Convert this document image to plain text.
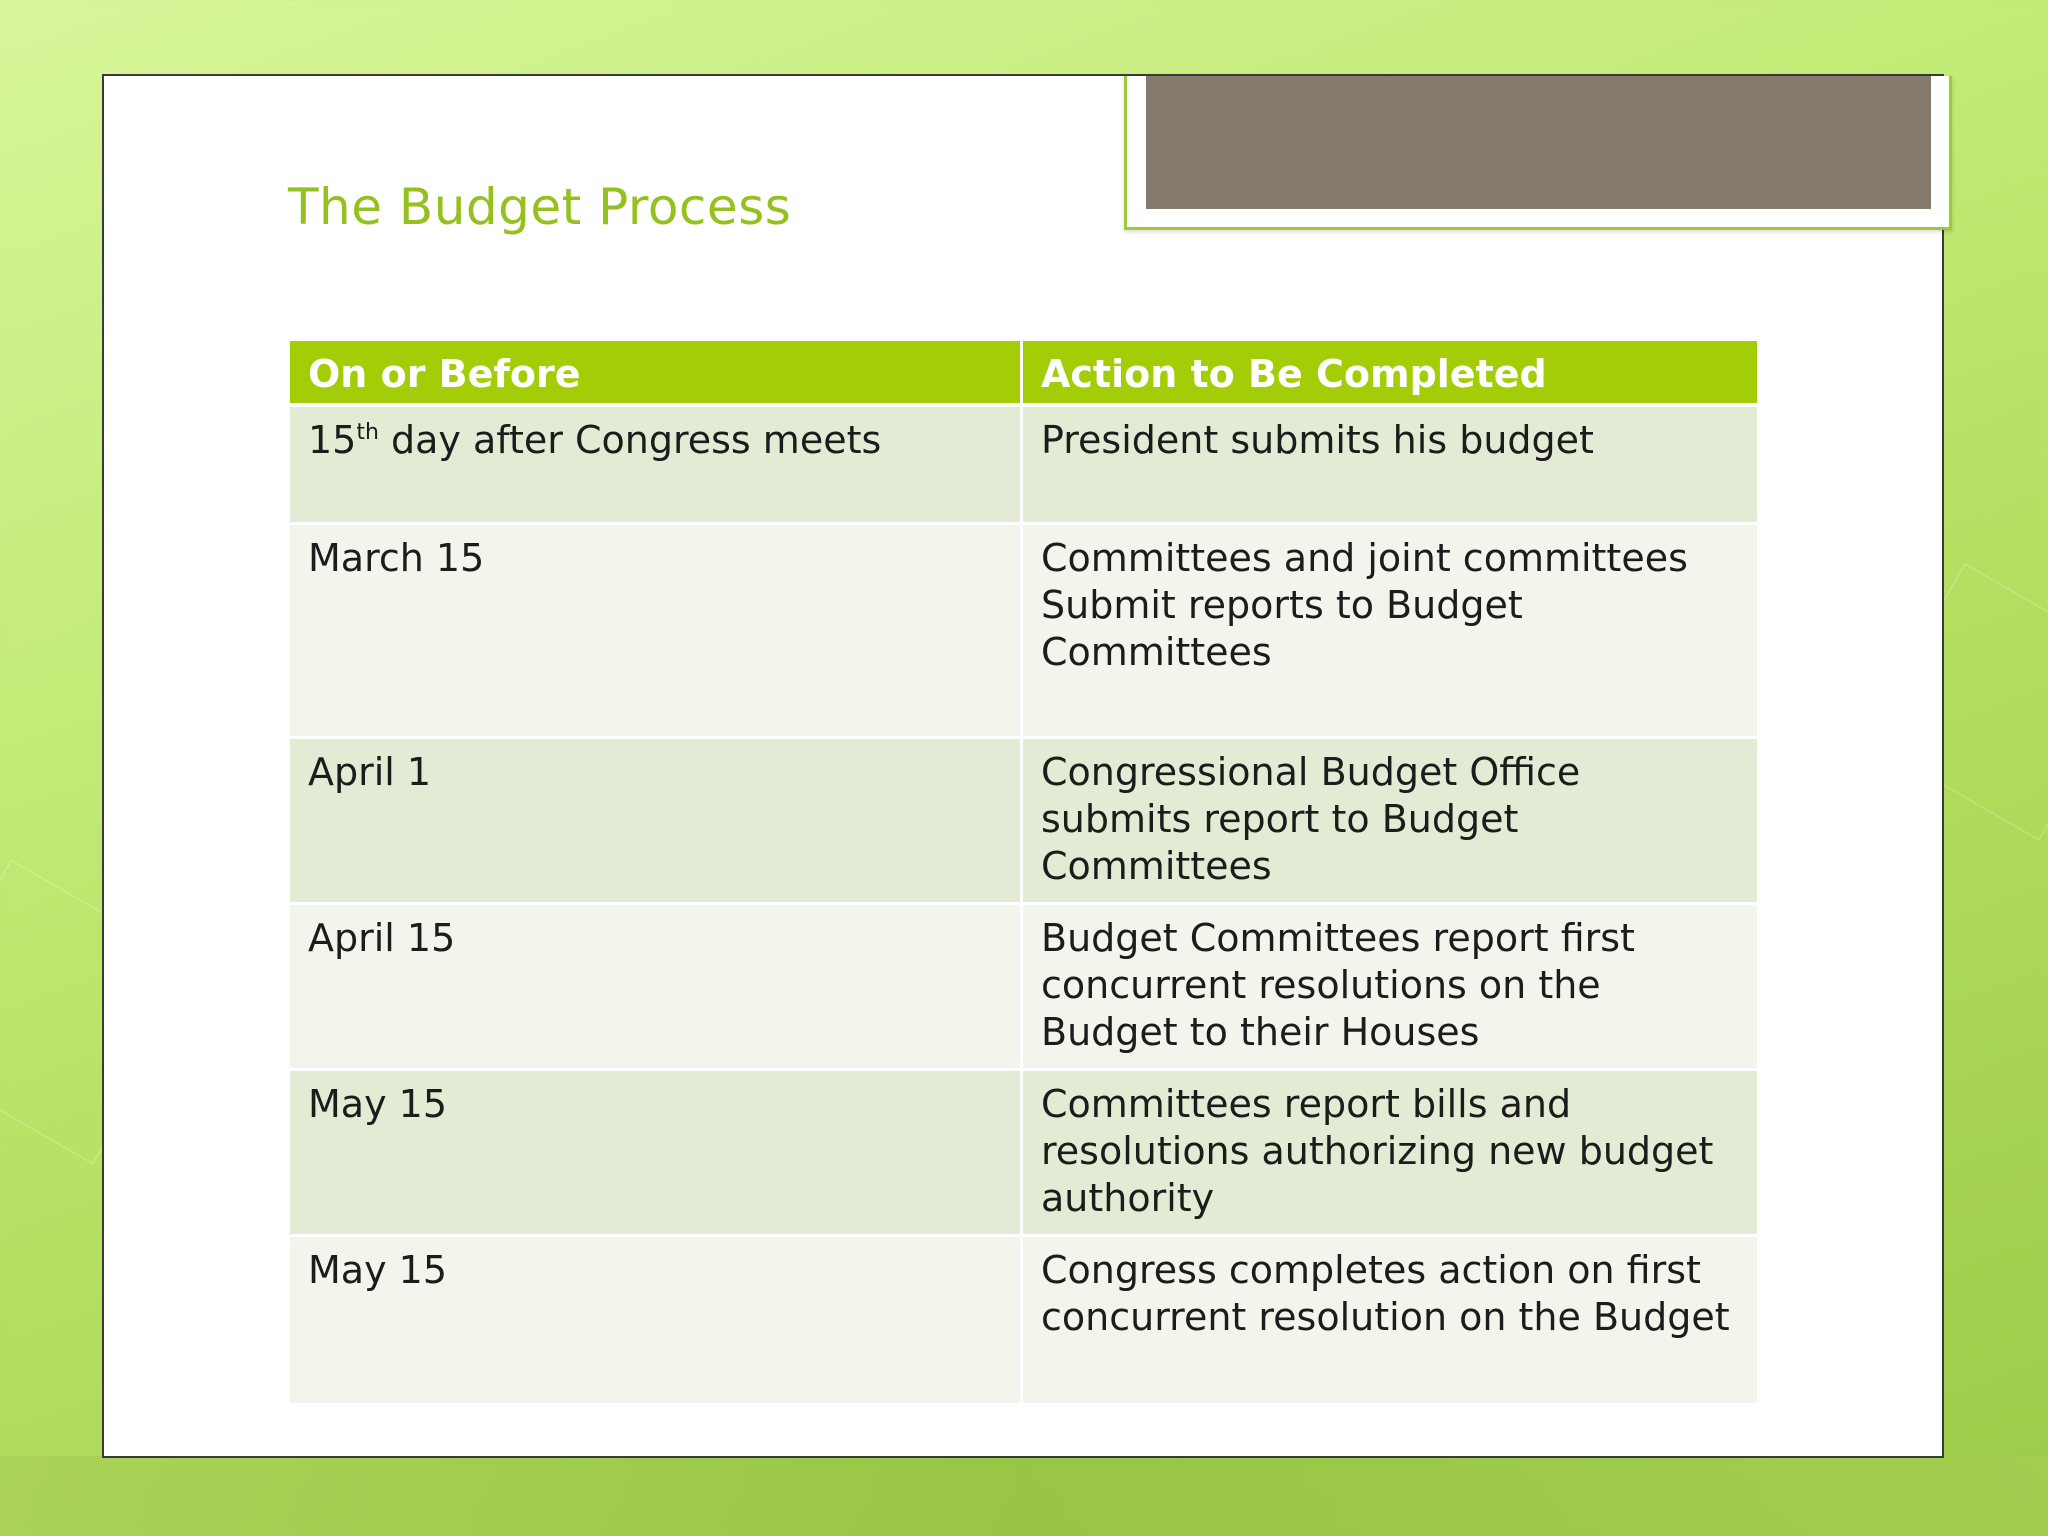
The Budget Process
On or Before	Action to Be Completed
15th day after Congress meets	President submits his budget
March 15	Committees and joint committees
Submit reports to Budget
Committees

April 1	Congressional Budget Office
submits report to Budget
Committees

April 15	Budget Committees report first
concurrent resolutions on the
Budget to their Houses

May 15	Committees report bills and
resolutions authorizing new budget
authority

May 15	Congress completes action on first
concurrent resolution on the Budget
